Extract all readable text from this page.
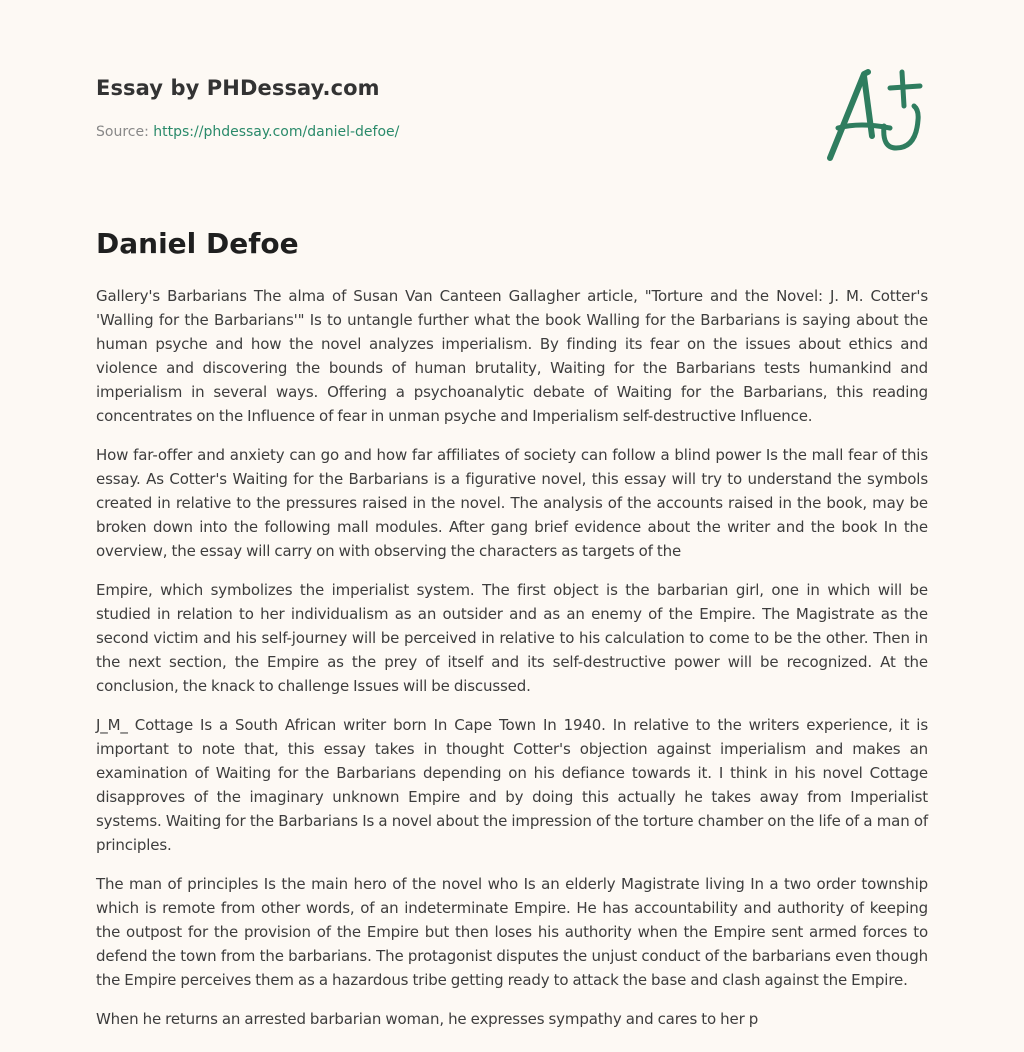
Essay by PHDessay.com
Source: https://phdessay.com/daniel-defoe/
Daniel Defoe

Gallery's Barbarians The alma of Susan Van Canteen Gallagher article, "Torture and the Novel: J. M. Cotter's 'Walling for the Barbarians'" Is to untangle further what the book Walling for the Barbarians is saying about the human psyche and how the novel analyzes imperialism. By finding its fear on the issues about ethics and violence and discovering the bounds of human brutality, Waiting for the Barbarians tests humankind and imperialism in several ways. Offering a psychoanalytic debate of Waiting for the Barbarians, this reading concentrates on the Influence of fear in unman psyche and Imperialism self-destructive Influence.

How far-offer and anxiety can go and how far affiliates of society can follow a blind power Is the mall fear of this essay. As Cotter's Waiting for the Barbarians is a figurative novel, this essay will try to understand the symbols created in relative to the pressures raised in the novel. The analysis of the accounts raised in the book, may be broken down into the following mall modules. After gang brief evidence about the writer and the book In the overview, the essay will carry on with observing the characters as targets of the

Empire, which symbolizes the imperialist system. The first object is the barbarian girl, one in which will be studied in relation to her individualism as an outsider and as an enemy of the Empire. The Magistrate as the second victim and his self-journey will be perceived in relative to his calculation to come to be the other. Then in the next section, the Empire as the prey of itself and its self-destructive power will be recognized. At the conclusion, the knack to challenge Issues will be discussed.

J_M_ Cottage Is a South African writer born In Cape Town In 1940. In relative to the writers experience, it is important to note that, this essay takes in thought Cotter's objection against imperialism and makes an examination of Waiting for the Barbarians depending on his defiance towards it. I think in his novel Cottage disapproves of the imaginary unknown Empire and by doing this actually he takes away from Imperialist systems. Waiting for the Barbarians Is a novel about the impression of the torture chamber on the life of a man of principles.

The man of principles Is the main hero of the novel who Is an elderly Magistrate living In a two order township which is remote from other words, of an indeterminate Empire. He has accountability and authority of keeping the outpost for the provision of the Empire but then loses his authority when the Empire sent armed forces to defend the town from the barbarians. The protagonist disputes the unjust conduct of the barbarians even though the Empire perceives them as a hazardous tribe getting ready to attack the base and clash against the Empire.

When he returns an arrested barbarian woman, he expresses sympathy and cares to her p
